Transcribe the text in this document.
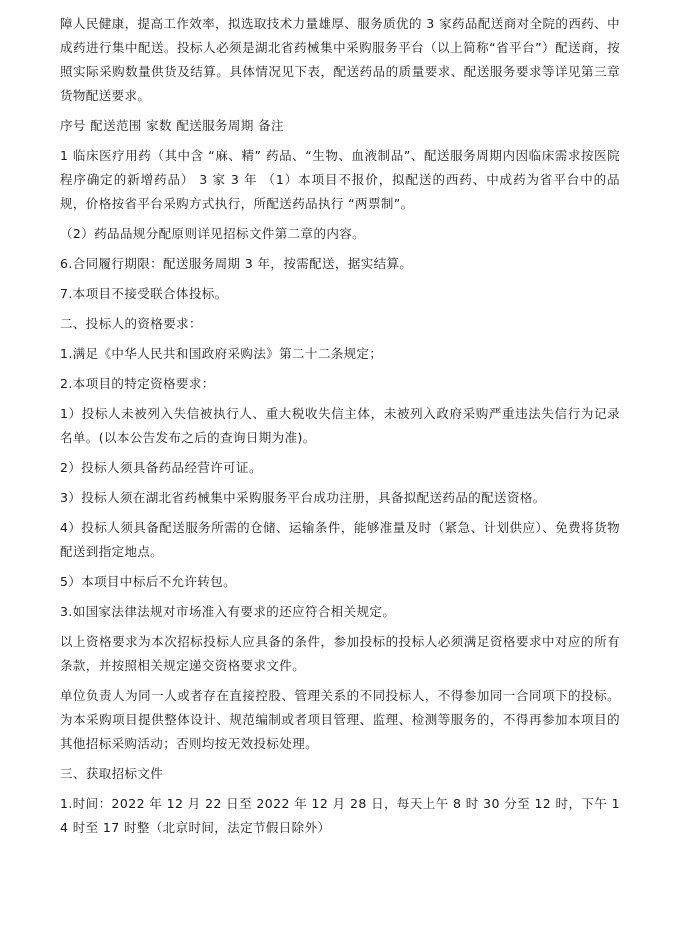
障人民健康，提高工作效率，拟选取技术力量雄厚、服务质优的 3 家药品配送商对全院的西药、中成药进行集中配送。投标人必须是湖北省药械集中采购服务平台（以上简称“省平台”）配送商，按照实际采购数量供货及结算。具体情况见下表，配送药品的质量要求、配送服务要求等详见第三章货物配送要求。

序号 配送范围 家数 配送服务周期 备注

1 临床医疗用药（其中含 “麻、精” 药品、“生物、血液制品”、配送服务周期内因临床需求按医院程序确定的新增药品） 3 家 3 年 （1）本项目不报价，拟配送的西药、中成药为省平台中的品规，价格按省平台采购方式执行，所配送药品执行 “两票制”。

（2）药品品规分配原则详见招标文件第二章的内容。

6.合同履行期限：配送服务周期 3 年，按需配送，据实结算。

7.本项目不接受联合体投标。

二、投标人的资格要求：

1.满足《中华人民共和国政府采购法》第二十二条规定；

2.本项目的特定资格要求：

1）投标人未被列入失信被执行人、重大税收失信主体，未被列入政府采购严重违法失信行为记录名单。(以本公告发布之后的查询日期为准)。

2）投标人须具备药品经营许可证。

3）投标人须在湖北省药械集中采购服务平台成功注册，具备拟配送药品的配送资格。

4）投标人须具备配送服务所需的仓储、运输条件，能够准量及时（紧急、计划供应）、免费将货物配送到指定地点。

5）本项目中标后不允许转包。

3.如国家法律法规对市场准入有要求的还应符合相关规定。

以上资格要求为本次招标投标人应具备的条件，参加投标的投标人必须满足资格要求中对应的所有条款，并按照相关规定递交资格要求文件。

单位负责人为同一人或者存在直接控股、管理关系的不同投标人，不得参加同一合同项下的投标。为本采购项目提供整体设计、规范编制或者项目管理、监理、检测等服务的，不得再参加本项目的其他招标采购活动；否则均按无效投标处理。

三、获取招标文件

1.时间：2022 年 12 月 22 日至 2022 年 12 月 28 日，每天上午 8 时 30 分至 12 时，下午 14 时至 17 时整（北京时间，法定节假日除外）
